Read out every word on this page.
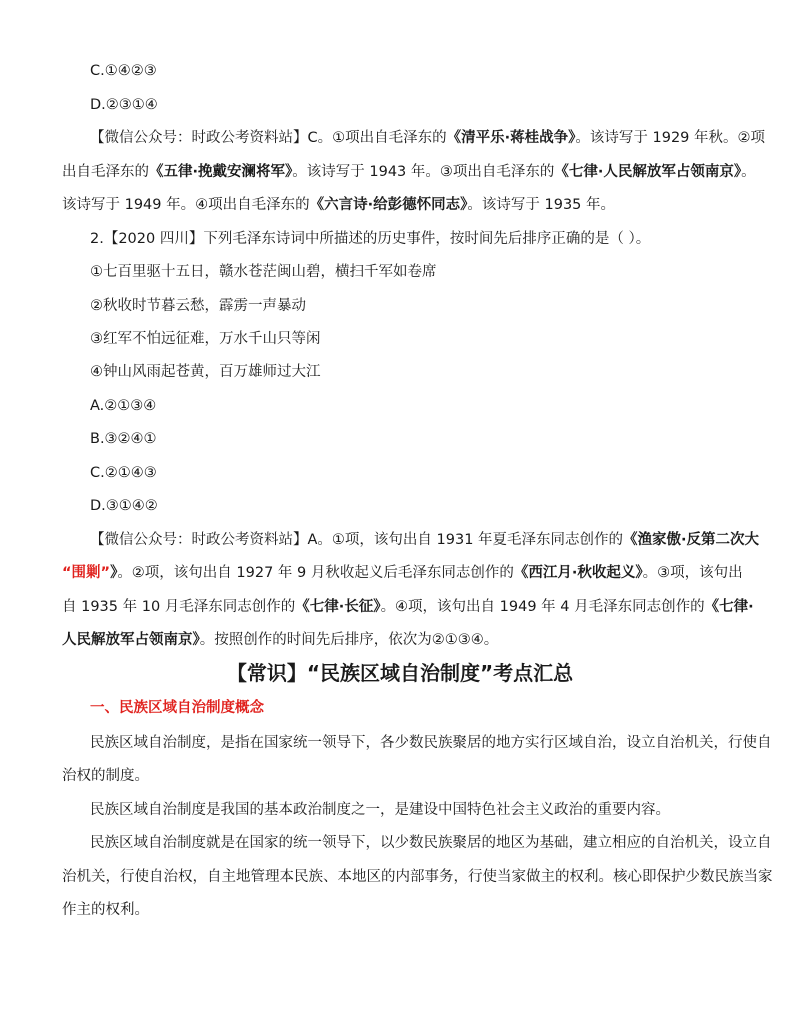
C.①④②③
D.②③①④
【微信公众号：时政公考资料站】C。①项出自毛泽东的《清平乐·蒋桂战争》。该诗写于 1929 年秋。②项
出自毛泽东的《五律·挽戴安澜将军》。该诗写于 1943 年。③项出自毛泽东的《七律·人民解放军占领南京》。
该诗写于 1949 年。④项出自毛泽东的《六言诗·给彭德怀同志》。该诗写于 1935 年。
2.【2020 四川】下列毛泽东诗词中所描述的历史事件，按时间先后排序正确的是（ ）。
①七百里驱十五日，赣水苍茫闽山碧，横扫千军如卷席
②秋收时节暮云愁，霹雳一声暴动
③红军不怕远征难，万水千山只等闲
④钟山风雨起苍黄，百万雄师过大江
A.②①③④
B.③②④①
C.②①④③
D.③①④②
【微信公众号：时政公考资料站】A。①项，该句出自 1931 年夏毛泽东同志创作的《渔家傲·反第二次大
“围剿”》。②项，该句出自 1927 年 9 月秋收起义后毛泽东同志创作的《西江月·秋收起义》。③项，该句出
自 1935 年 10 月毛泽东同志创作的《七律·长征》。④项，该句出自 1949 年 4 月毛泽东同志创作的《七律·
人民解放军占领南京》。按照创作的时间先后排序，依次为②①③④。
【常识】“民族区域自治制度”考点汇总
一、民族区域自治制度概念
民族区域自治制度，是指在国家统一领导下，各少数民族聚居的地方实行区域自治，设立自治机关，行使自
治权的制度。
民族区域自治制度是我国的基本政治制度之一，是建设中国特色社会主义政治的重要内容。
民族区域自治制度就是在国家的统一领导下，以少数民族聚居的地区为基础，建立相应的自治机关，设立自
治机关，行使自治权，自主地管理本民族、本地区的内部事务，行使当家做主的权利。核心即保护少数民族当家
作主的权利。
